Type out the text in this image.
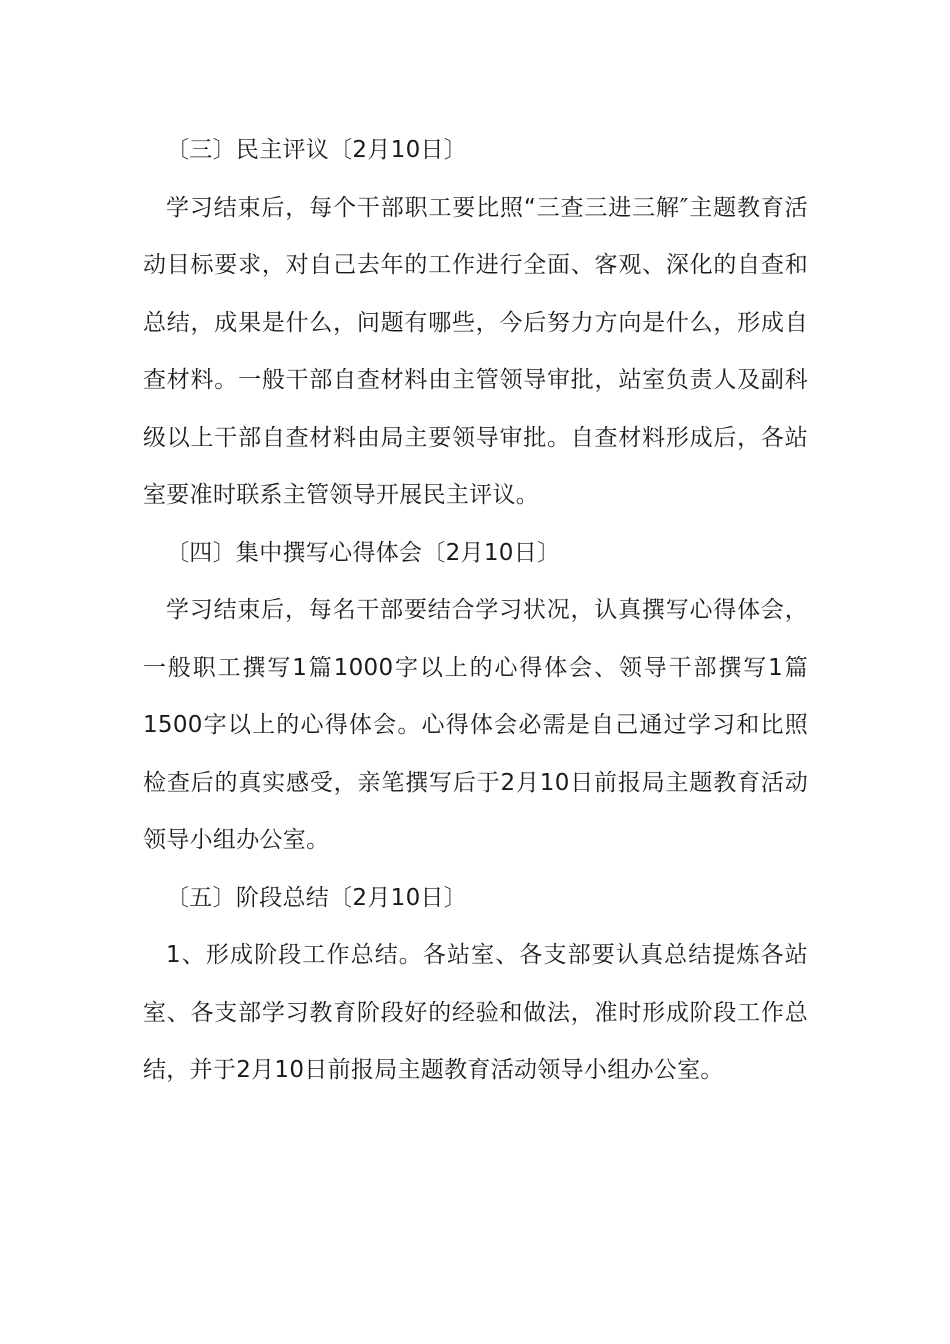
〔三〕民主评议〔2月10日〕

学习结束后，每个干部职工要比照“三查三进三解″主题教育活动目标要求，对自己去年的工作进行全面、客观、深化的自查和总结，成果是什么，问题有哪些，今后努力方向是什么，形成自查材料。一般干部自查材料由主管领导审批，站室负责人及副科级以上干部自查材料由局主要领导审批。自查材料形成后，各站室要准时联系主管领导开展民主评议。

〔四〕集中撰写心得体会〔2月10日〕

学习结束后，每名干部要结合学习状况，认真撰写心得体会，一般职工撰写1篇1000字以上的心得体会、领导干部撰写1篇1500字以上的心得体会。心得体会必需是自己通过学习和比照检查后的真实感受，亲笔撰写后于2月10日前报局主题教育活动领导小组办公室。

〔五〕阶段总结〔2月10日〕

1、形成阶段工作总结。各站室、各支部要认真总结提炼各站室、各支部学习教育阶段好的经验和做法，准时形成阶段工作总结，并于2月10日前报局主题教育活动领导小组办公室。
